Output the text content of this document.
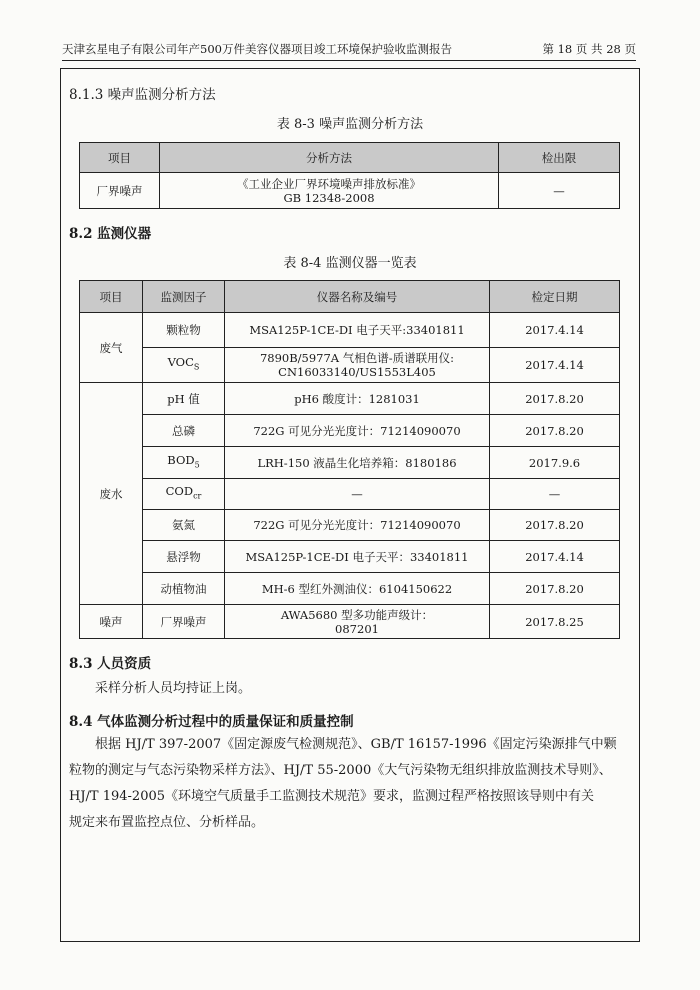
天津玄星电子有限公司年产500万件美容仪器项目竣工环境保护验收监测报告	第 18 页 共 28 页
8.1.3 噪声监测分析方法
表 8-3 噪声监测分析方法
项目	分析方法	检出限
厂界噪声	《工业企业厂界环境噪声排放标准》
GB 12348-2008	—
8.2 监测仪器
表 8-4 监测仪器一览表
项目	监测因子	仪器名称及编号	检定日期
废气	颗粒物	MSA125P-1CE-DI 电子天平:33401811	2017.4.14
	$VOC_S$	7890B/5977A 气相色谱-质谱联用仪:
CN16033140/US1553L405	2017.4.14
废水	pH 值	pH6 酸度计：1281031	2017.8.20
	总磷	722G 可见分光光度计：71214090070	2017.8.20
	$BOD_5$	LRH-150 液晶生化培养箱：8180186	2017.9.6
	$COD_{cr}$	—	—
	氨氮	722G 可见分光光度计：71214090070	2017.8.20
	悬浮物	MSA125P-1CE-DI 电子天平：33401811	2017.4.14
	动植物油	MH-6 型红外测油仪：6104150622	2017.8.20
噪声	厂界噪声	AWA5680 型多功能声级计：
087201	2017.8.25
8.3 人员资质
采样分析人员均持证上岗。
8.4 气体监测分析过程中的质量保证和质量控制
根据 HJ/T 397-2007《固定源废气检测规范》、GB/T 16157-1996《固定污染源排气中颗
粒物的测定与气态污染物采样方法》、HJ/T 55-2000《大气污染物无组织排放监测技术导则》、
HJ/T 194-2005《环境空气质量手工监测技术规范》要求，监测过程严格按照该导则中有关
规定来布置监控点位、分析样品。
